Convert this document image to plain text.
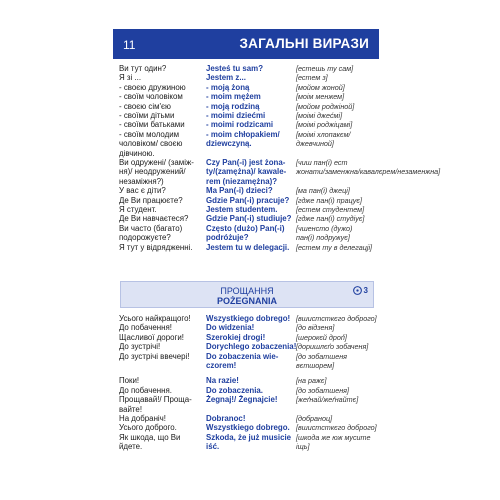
11	ЗАГАЛЬНІ ВИРАЗИ
Ви тут один?
Я зі ...
- своєю дружиною
- своїм чоловіком
- своєю сім'єю
- своїми дітьми
- своїми батьками
- своїм молодим
чоловіком/ своєю
дівчиною.
Ви одружені/ (заміж-
ня)/ неодружений/
незаміжня?)
У вас є діти?
Де Ви працюєте?
Я студент.
Де Ви навчаєтеся?
Ви часто (багато)
подорожуєте?
Я тут у відрядженні.
Jesteś tu sam?
Jestem z...
- moją żoną
- moim mężem
- moją rodziną
- moimi dziećmi
- moimi rodzicami
- moim chłopakiem/
dziewczyną.
Czy Pan(-i) jest żona-
ty/(zamężna)/ kawale-
rem (niezamężna)?
Ma Pan(-i) dzieci?
Gdzie Pan(-i) pracuje?
Jestem studentem.
Gdzie Pan(-i) studiuje?
Często (dużo) Pan(-i)
podróżuje?
Jestem tu w delegacji.
[естешь ту сам]
[естем з]
[мойом жоной]
[моім менжем]
[мойом роджіной]
[моімі джеćмі]
[моімі роджіцамі]
[моімі хлопакєм/
джевчиной]
[чиш пан(і) ест
жонати/заменжна/кавалєрем/незаменжна]
[ма пан(і) джеці]
[гдже пан(і) працує]
[естем студентем]
[гдже пан(і) студіує]
[чшенсто (дужо)
пан(і) подружує]
[естем ту в делегацji]
ПРОЩАННЯ
POŻEGNANIA
3
Усього найкращого!
До побачення!
Щасливої дороги!
До зустрічі!
До зустрічі ввечері!
Поки!
До побачення.
Прощавай!/ Проща-
вайте!
На добраніч!
Усього доброго.
Як шкода, що Ви
йдете.
Wszystkiego dobrego!
Do widzenia!
Szerokiej drogi!
Dorychlego zobaczenia!
Do zobaczenia wie-
czorem!
Na razie!
Do zobaczenia.
Żegnaj!/ Żegnajcie!
Dobranoc!
Wszystkiego dobrego.
Szkoda, że już musicie
iść.
[вшистсткєго доброго]
[до відзеня]
[шерокєй дроґі]
[доришлєґо зобаченя]
[до зобатшеня
вєтшорем]
[на ражє]
[до зобатшеня]
[жеґнай/жеґнайтє]
[добраноц]
[вшистсткєго доброго]
[шкода же юж мусите
іщь]
